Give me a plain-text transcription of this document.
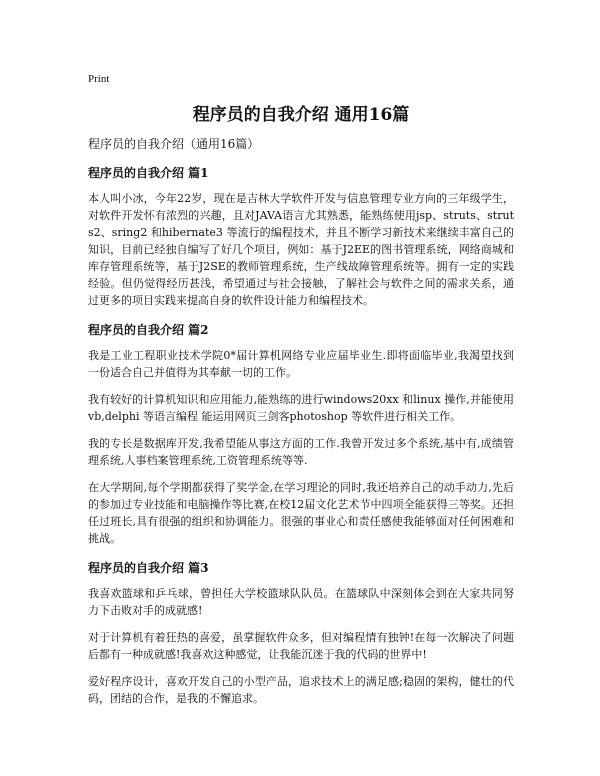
Print
程序员的自我介绍 通用16篇
程序员的自我介绍（通用16篇）
程序员的自我介绍 篇1

本人叫小冰，今年22岁，现在是吉林大学软件开发与信息管理专业方向的三年级学生，对软件开发怀有浓烈的兴趣，且对JAVA语言尤其熟悉，能熟练使用jsp、struts、struts2、sring2 和hibernate3 等流行的编程技术，并且不断学习新技术来继续丰富自己的知识，目前已经独自编写了好几个项目，例如：基于J2EE的图书管理系统，网络商城和库存管理系统等，基于J2SE的教师管理系统，生产线故障管理系统等。拥有一定的实践经验。但仍觉得经历甚浅，希望通过与社会接触，了解社会与软件之间的需求关系，通过更多的项目实践来提高自身的软件设计能力和编程技术。

程序员的自我介绍 篇2

我是工业工程职业技术学院0*届计算机网络专业应届毕业生.即将面临毕业,我渴望找到一份适合自己并值得为其奉献一切的工作。

我有较好的计算机知识和应用能力,能熟练的进行windows20xx 和linux 操作,并能使用vb,delphi 等语言编程 能运用网页三剑客photoshop 等软件进行相关工作。

我的专长是数据库开发,我希望能从事这方面的工作.我曾开发过多个系统,基中有,成绩管理系统,人事档案管理系统,工资管理系统等等.

在大学期间,每个学期都获得了奖学金,在学习理论的同时,我还培养自己的动手动力,先后的参加过专业技能和电脑操作等比赛,在校12届文化艺术节中四项全能获得三等奖。还担任过班长,具有很强的组织和协调能力。很强的事业心和责任感使我能够面对任何困难和挑战。

程序员的自我介绍 篇3

我喜欢篮球和乒乓球，曾担任大学校篮球队队员。在篮球队中深刻体会到在大家共同努力下击败对手的成就感!

对于计算机有着狂热的喜爱，虽掌握软件众多，但对编程情有独钟!在每一次解决了问题后都有一种成就感!我喜欢这种感觉，让我能沉迷于我的代码的世界中!

爱好程序设计，喜欢开发自己的小型产品，追求技术上的满足感;稳固的架构，健壮的代码，团结的合作，是我的不懈追求。
